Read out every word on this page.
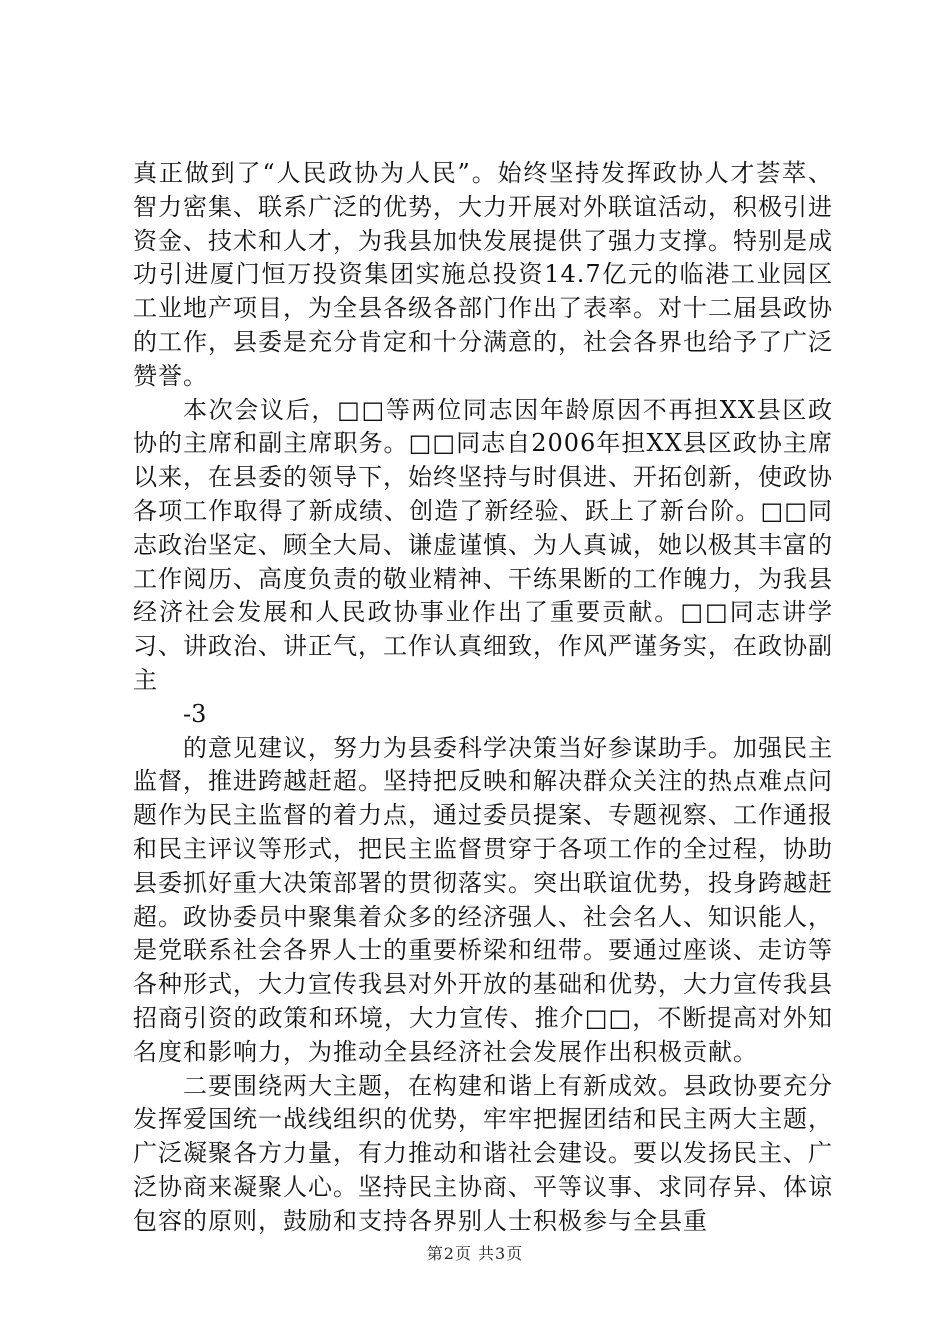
真正做到了“人民政协为人民”。始终坚持发挥政协人才荟萃、智力密集、联系广泛的优势，大力开展对外联谊活动，积极引进资金、技术和人才，为我县加快发展提供了强力支撑。特别是成功引进厦门恒万投资集团实施总投资14.7亿元的临港工业园区工业地产项目，为全县各级各部门作出了表率。对十二届县政协的工作，县委是充分肯定和十分满意的，社会各界也给予了广泛赞誉。

本次会议后，□□等两位同志因年龄原因不再担XX县区政协的主席和副主席职务。□□同志自2006年担XX县区政协主席以来，在县委的领导下，始终坚持与时俱进、开拓创新，使政协各项工作取得了新成绩、创造了新经验、跃上了新台阶。□□同志政治坚定、顾全大局、谦虚谨慎、为人真诚，她以极其丰富的工作阅历、高度负责的敬业精神、干练果断的工作魄力，为我县经济社会发展和人民政协事业作出了重要贡献。□□同志讲学习、讲政治、讲正气，工作认真细致，作风严谨务实，在政协副主

-3

的意见建议，努力为县委科学决策当好参谋助手。加强民主监督，推进跨越赶超。坚持把反映和解决群众关注的热点难点问题作为民主监督的着力点，通过委员提案、专题视察、工作通报和民主评议等形式，把民主监督贯穿于各项工作的全过程，协助县委抓好重大决策部署的贯彻落实。突出联谊优势，投身跨越赶超。政协委员中聚集着众多的经济强人、社会名人、知识能人，是党联系社会各界人士的重要桥梁和纽带。要通过座谈、走访等各种形式，大力宣传我县对外开放的基础和优势，大力宣传我县招商引资的政策和环境，大力宣传、推介□□，不断提高对外知名度和影响力，为推动全县经济社会发展作出积极贡献。

二要围绕两大主题，在构建和谐上有新成效。县政协要充分发挥爱国统一战线组织的优势，牢牢把握团结和民主两大主题，广泛凝聚各方力量，有力推动和谐社会建设。要以发扬民主、广泛协商来凝聚人心。坚持民主协商、平等议事、求同存异、体谅包容的原则，鼓励和支持各界别人士积极参与全县重

第2页 共3页
